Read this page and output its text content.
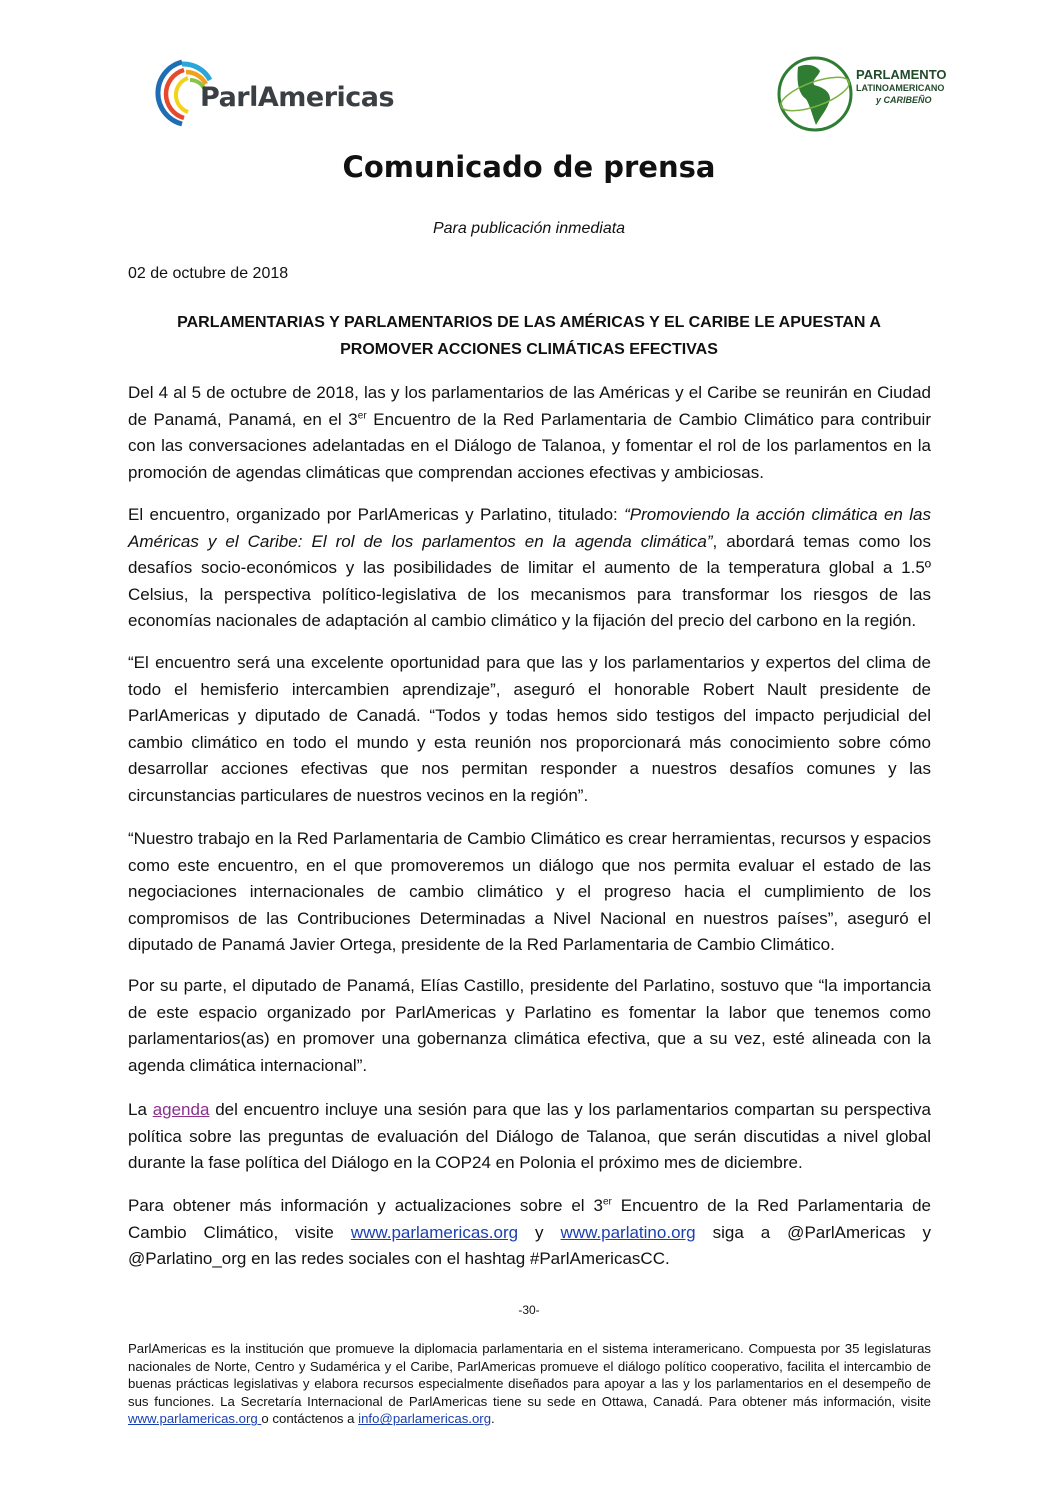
ParlAmericas
PARLAMENTO
LATINOAMERICANO
y CARIBEÑO
Comunicado de prensa
Para publicación inmediata
02 de octubre de 2018
PARLAMENTARIAS Y PARLAMENTARIOS DE LAS AMÉRICAS Y EL CARIBE LE APUESTAN A
PROMOVER ACCIONES CLIMÁTICAS EFECTIVAS
Del 4 al 5 de octubre de 2018, las y los parlamentarios de las Américas y el Caribe se reunirán en Ciudad de Panamá, Panamá, en el 3er Encuentro de la Red Parlamentaria de Cambio Climático para contribuir con las conversaciones adelantadas en el Diálogo de Talanoa, y fomentar el rol de los parlamentos en la promoción de agendas climáticas que comprendan acciones efectivas y ambiciosas.
El encuentro, organizado por ParlAmericas y Parlatino, titulado: “Promoviendo la acción climática en las Américas y el Caribe: El rol de los parlamentos en la agenda climática”, abordará temas como los desafíos socio-económicos y las posibilidades de limitar el aumento de la temperatura global a 1.5º Celsius, la perspectiva político-legislativa de los mecanismos para transformar los riesgos de las economías nacionales de adaptación al cambio climático y la fijación del precio del carbono en la región.
“El encuentro será una excelente oportunidad para que las y los parlamentarios y expertos del clima de todo el hemisferio intercambien aprendizaje”, aseguró el honorable Robert Nault presidente de ParlAmericas y diputado de Canadá. “Todos y todas hemos sido testigos del impacto perjudicial del cambio climático en todo el mundo y esta reunión nos proporcionará más conocimiento sobre cómo desarrollar acciones efectivas que nos permitan responder a nuestros desafíos comunes y las circunstancias particulares de nuestros vecinos en la región”.
“Nuestro trabajo en la Red Parlamentaria de Cambio Climático es crear herramientas, recursos y espacios como este encuentro, en el que promoveremos un diálogo que nos permita evaluar el estado de las negociaciones internacionales de cambio climático y el progreso hacia el cumplimiento de los compromisos de las Contribuciones Determinadas a Nivel Nacional en nuestros países”, aseguró el diputado de Panamá Javier Ortega, presidente de la Red Parlamentaria de Cambio Climático.
Por su parte, el diputado de Panamá, Elías Castillo, presidente del Parlatino, sostuvo que “la importancia de este espacio organizado por ParlAmericas y Parlatino es fomentar la labor que tenemos como parlamentarios(as) en promover una gobernanza climática efectiva, que a su vez, esté alineada con la agenda climática internacional”.
La agenda del encuentro incluye una sesión para que las y los parlamentarios compartan su perspectiva política sobre las preguntas de evaluación del Diálogo de Talanoa, que serán discutidas a nivel global durante la fase política del Diálogo en la COP24 en Polonia el próximo mes de diciembre.
Para obtener más información y actualizaciones sobre el 3er Encuentro de la Red Parlamentaria de Cambio Climático, visite www.parlamericas.org y www.parlatino.org siga a @ParlAmericas y @Parlatino_org en las redes sociales con el hashtag #ParlAmericasCC.
-30-
ParlAmericas es la institución que promueve la diplomacia parlamentaria en el sistema interamericano. Compuesta por 35 legislaturas nacionales de Norte, Centro y Sudamérica y el Caribe, ParlAmericas promueve el diálogo político cooperativo, facilita el intercambio de buenas prácticas legislativas y elabora recursos especialmente diseñados para apoyar a las y los parlamentarios en el desempeño de sus funciones. La Secretaría Internacional de ParlAmericas tiene su sede en Ottawa, Canadá. Para obtener más información, visite www.parlamericas.org o contáctenos a info@parlamericas.org.
